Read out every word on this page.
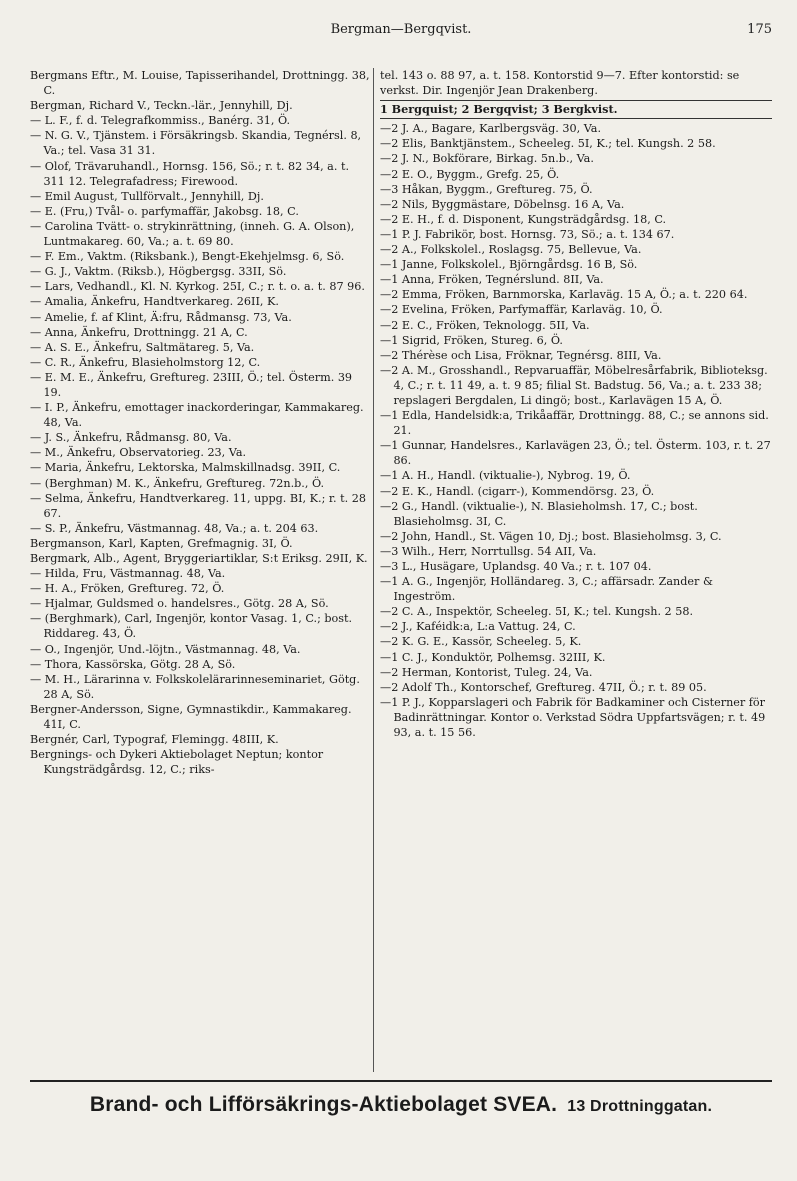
Bergman—Bergqvist.	175

Bergmans Eftr., M. Louise, Tapisserihandel, Drottningg. 38, C.

Bergman, Richard V., Teckn.-lär., Jennyhill, Dj.

— L. F., f. d. Telegrafkommiss., Banérg. 31, Ö.

— N. G. V., Tjänstem. i Försäkringsb. Skandia, Tegnérsl. 8, Va.; tel. Vasa 31 31.

— Olof, Trävaruhandl., Hornsg. 156, Sö.; r. t. 82 34, a. t. 311 12. Telegrafadress; Firewood.

— Emil August, Tullförvalt., Jennyhill, Dj.

— E. (Fru,) Tvål- o. parfymaffär, Jakobsg. 18, C.

— Carolina Tvätt- o. strykinrättning, (inneh. G. A. Olson), Luntmakareg. 60, Va.; a. t. 69 80.

— F. Em., Vaktm. (Riksbank.), Bengt-Ekehjelmsg. 6, Sö.

— G. J., Vaktm. (Riksb.), Högbergsg. 33II, Sö.

— Lars, Vedhandl., Kl. N. Kyrkog. 25I, C.; r. t. o. a. t. 87 96.

— Amalia, Änkefru, Handtverkareg. 26II, K.

— Amelie, f. af Klint, Ä:fru, Rådmansg. 73, Va.

— Anna, Änkefru, Drottningg. 21 A, C.

— A. S. E., Änkefru, Saltmätareg. 5, Va.

— C. R., Änkefru, Blasieholmstorg 12, C.

— E. M. E., Änkefru, Greftureg. 23III, Ö.; tel. Österm. 39 19.

— I. P., Änkefru, emottager inackorderingar, Kammakareg. 48, Va.

— J. S., Änkefru, Rådmansg. 80, Va.

— M., Änkefru, Observatorieg. 23, Va.

— Maria, Änkefru, Lektorska, Malmskillnadsg. 39II, C.

— (Berghman) M. K., Änkefru, Greftureg. 72n.b., Ö.

— Selma, Änkefru, Handtverkareg. 11, uppg. BI, K.; r. t. 28 67.

— S. P., Änkefru, Västmannag. 48, Va.; a. t. 204 63.

Bergmanson, Karl, Kapten, Grefmagnig. 3I, Ö.

Bergmark, Alb., Agent, Bryggeriartiklar, S:t Eriksg. 29II, K.

— Hilda, Fru, Västmannag. 48, Va.

— H. A., Fröken, Greftureg. 72, Ö.

— Hjalmar, Guldsmed o. handelsres., Götg. 28 A, Sö.

— (Berghmark), Carl, Ingenjör, kontor Vasag. 1, C.; bost. Riddareg. 43, Ö.

— O., Ingenjör, Und.-löjtn., Västmannag. 48, Va.

— Thora, Kassörska, Götg. 28 A, Sö.

— M. H., Lärarinna v. Folkskolelärarinneseminariet, Götg. 28 A, Sö.

Bergner-Andersson, Signe, Gymnastikdir., Kammakareg. 41I, C.

Bergnér, Carl, Typograf, Flemingg. 48III, K.

Bergnings- och Dykeri Aktiebolaget Neptun; kontor Kungsträdgårdsg. 12, C.; riks-

tel. 143 o. 88 97, a. t. 158. Kontorstid 9—7. Efter kontorstid: se verkst. Dir. Ingenjör Jean Drakenberg.

1 Bergquist; 2 Bergqvist; 3 Bergkvist.

—2 J. A., Bagare, Karlbergsväg. 30, Va.

—2 Elis, Banktjänstem., Scheeleg. 5I, K.; tel. Kungsh. 2 58.

—2 J. N., Bokförare, Birkag. 5n.b., Va.

—2 E. O., Byggm., Grefg. 25, Ö.

—3 Håkan, Byggm., Greftureg. 75, Ö.

—2 Nils, Byggmästare, Döbelnsg. 16 A, Va.

—2 E. H., f. d. Disponent, Kungsträdgårdsg. 18, C.

—1 P. J. Fabrikör, bost. Hornsg. 73, Sö.; a. t. 134 67.

—2 A., Folkskolel., Roslagsg. 75, Bellevue, Va.

—1 Janne, Folkskolel., Björngårdsg. 16 B, Sö.

—1 Anna, Fröken, Tegnérslund. 8II, Va.

—2 Emma, Fröken, Barnmorska, Karlaväg. 15 A, Ö.; a. t. 220 64.

—2 Evelina, Fröken, Parfymaffär, Karlaväg. 10, Ö.

—2 E. C., Fröken, Teknologg. 5II, Va.

—1 Sigrid, Fröken, Stureg. 6, Ö.

—2 Thérèse och Lisa, Fröknar, Tegnérsg. 8III, Va.

—2 A. M., Grosshandl., Repvaruaffär, Möbelresårfabrik, Biblioteksg. 4, C.; r. t. 11 49, a. t. 9 85; filial St. Badstug. 56, Va.; a. t. 233 38; repslageri Bergdalen, Li dingö; bost., Karlavägen 15 A, Ö.

—1 Edla, Handelsidk:a, Trikåaffär, Drottningg. 88, C.; se annons sid. 21.

—1 Gunnar, Handelsres., Karlavägen 23, Ö.; tel. Österm. 103, r. t. 27 86.

—1 A. H., Handl. (viktualie-), Nybrog. 19, Ö.

—2 E. K., Handl. (cigarr-), Kommendörsg. 23, Ö.

—2 G., Handl. (viktualie-), N. Blasieholmsh. 17, C.; bost. Blasieholmsg. 3I, C.

—2 John, Handl., St. Vägen 10, Dj.; bost. Blasieholmsg. 3, C.

—3 Wilh., Herr, Norrtullsg. 54 AII, Va.

—3 L., Husägare, Uplandsg. 40 Va.; r. t. 107 04.

—1 A. G., Ingenjör, Holländareg. 3, C.; affärsadr. Zander & Ingeström.

—2 C. A., Inspektör, Scheeleg. 5I, K.; tel. Kungsh. 2 58.

—2 J., Kaféidk:a, L:a Vattug. 24, C.

—2 K. G. E., Kassör, Scheeleg. 5, K.

—1 C. J., Konduktör, Polhemsg. 32III, K.

—2 Herman, Kontorist, Tuleg. 24, Va.

—2 Adolf Th., Kontorschef, Greftureg. 47II, Ö.; r. t. 89 05.

—1 P. J., Kopparslageri och Fabrik för Badkaminer och Cisterner för Badinrättningar. Kontor o. Verkstad Södra Uppfartsvägen; r. t. 49 93, a. t. 15 56.

Brand- och Lifförsäkrings-Aktiebolaget SVEA. 13 Drottninggatan.
